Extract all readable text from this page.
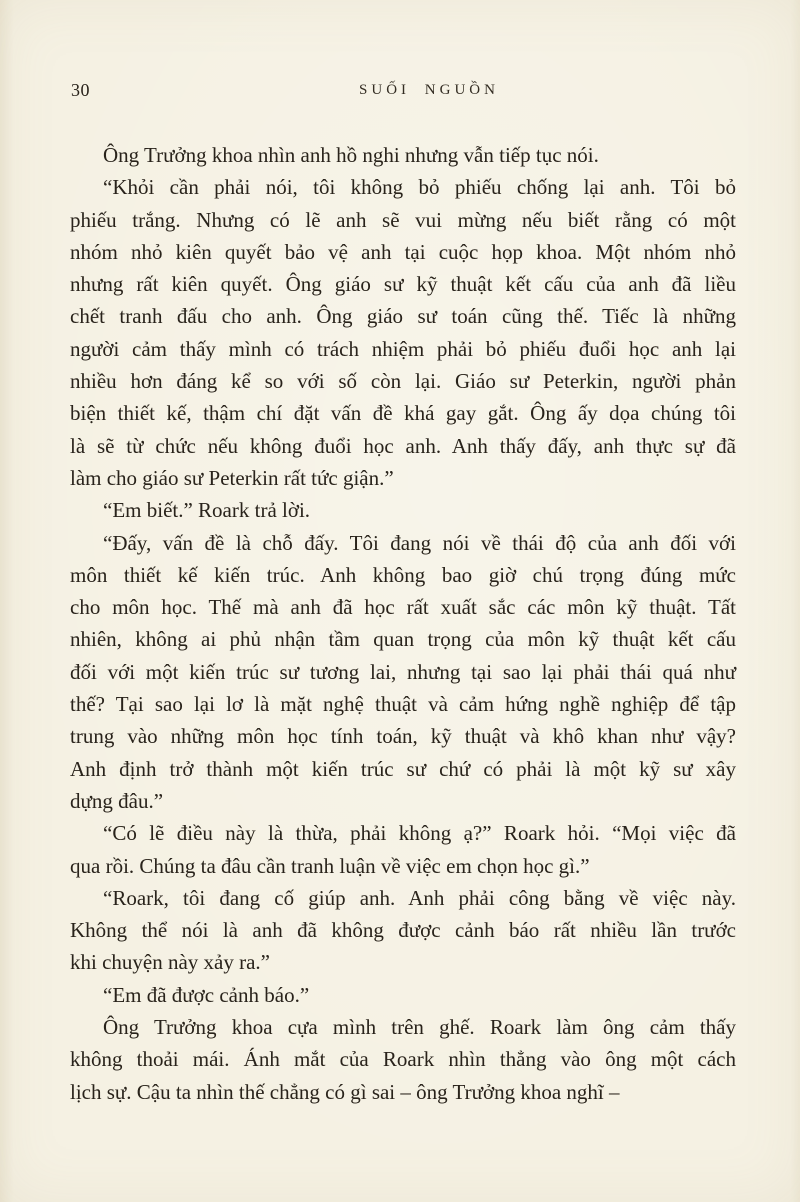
30	SUỐI NGUỒN

Ông Trưởng khoa nhìn anh hồ nghi nhưng vẫn tiếp tục nói.

“Khỏi cần phải nói, tôi không bỏ phiếu chống lại anh. Tôi bỏ
phiếu trắng. Nhưng có lẽ anh sẽ vui mừng nếu biết rằng có một
nhóm nhỏ kiên quyết bảo vệ anh tại cuộc họp khoa. Một nhóm nhỏ
nhưng rất kiên quyết. Ông giáo sư kỹ thuật kết cấu của anh đã liều
chết tranh đấu cho anh. Ông giáo sư toán cũng thế. Tiếc là những
người cảm thấy mình có trách nhiệm phải bỏ phiếu đuổi học anh lại
nhiều hơn đáng kể so với số còn lại. Giáo sư Peterkin, người phản
biện thiết kế, thậm chí đặt vấn đề khá gay gắt. Ông ấy dọa chúng tôi
là sẽ từ chức nếu không đuổi học anh. Anh thấy đấy, anh thực sự đã
làm cho giáo sư Peterkin rất tức giận.”

“Em biết.” Roark trả lời.

“Đấy, vấn đề là chỗ đấy. Tôi đang nói về thái độ của anh đối với
môn thiết kế kiến trúc. Anh không bao giờ chú trọng đúng mức
cho môn học. Thế mà anh đã học rất xuất sắc các môn kỹ thuật. Tất
nhiên, không ai phủ nhận tầm quan trọng của môn kỹ thuật kết cấu
đối với một kiến trúc sư tương lai, nhưng tại sao lại phải thái quá như
thế? Tại sao lại lơ là mặt nghệ thuật và cảm hứng nghề nghiệp để tập
trung vào những môn học tính toán, kỹ thuật và khô khan như vậy?
Anh định trở thành một kiến trúc sư chứ có phải là một kỹ sư xây
dựng đâu.”

“Có lẽ điều này là thừa, phải không ạ?” Roark hỏi. “Mọi việc đã
qua rồi. Chúng ta đâu cần tranh luận về việc em chọn học gì.”

“Roark, tôi đang cố giúp anh. Anh phải công bằng về việc này.
Không thể nói là anh đã không được cảnh báo rất nhiều lần trước
khi chuyện này xảy ra.”

“Em đã được cảnh báo.”

Ông Trưởng khoa cựa mình trên ghế. Roark làm ông cảm thấy
không thoải mái. Ánh mắt của Roark nhìn thẳng vào ông một cách
lịch sự. Cậu ta nhìn thế chẳng có gì sai – ông Trưởng khoa nghĩ –
